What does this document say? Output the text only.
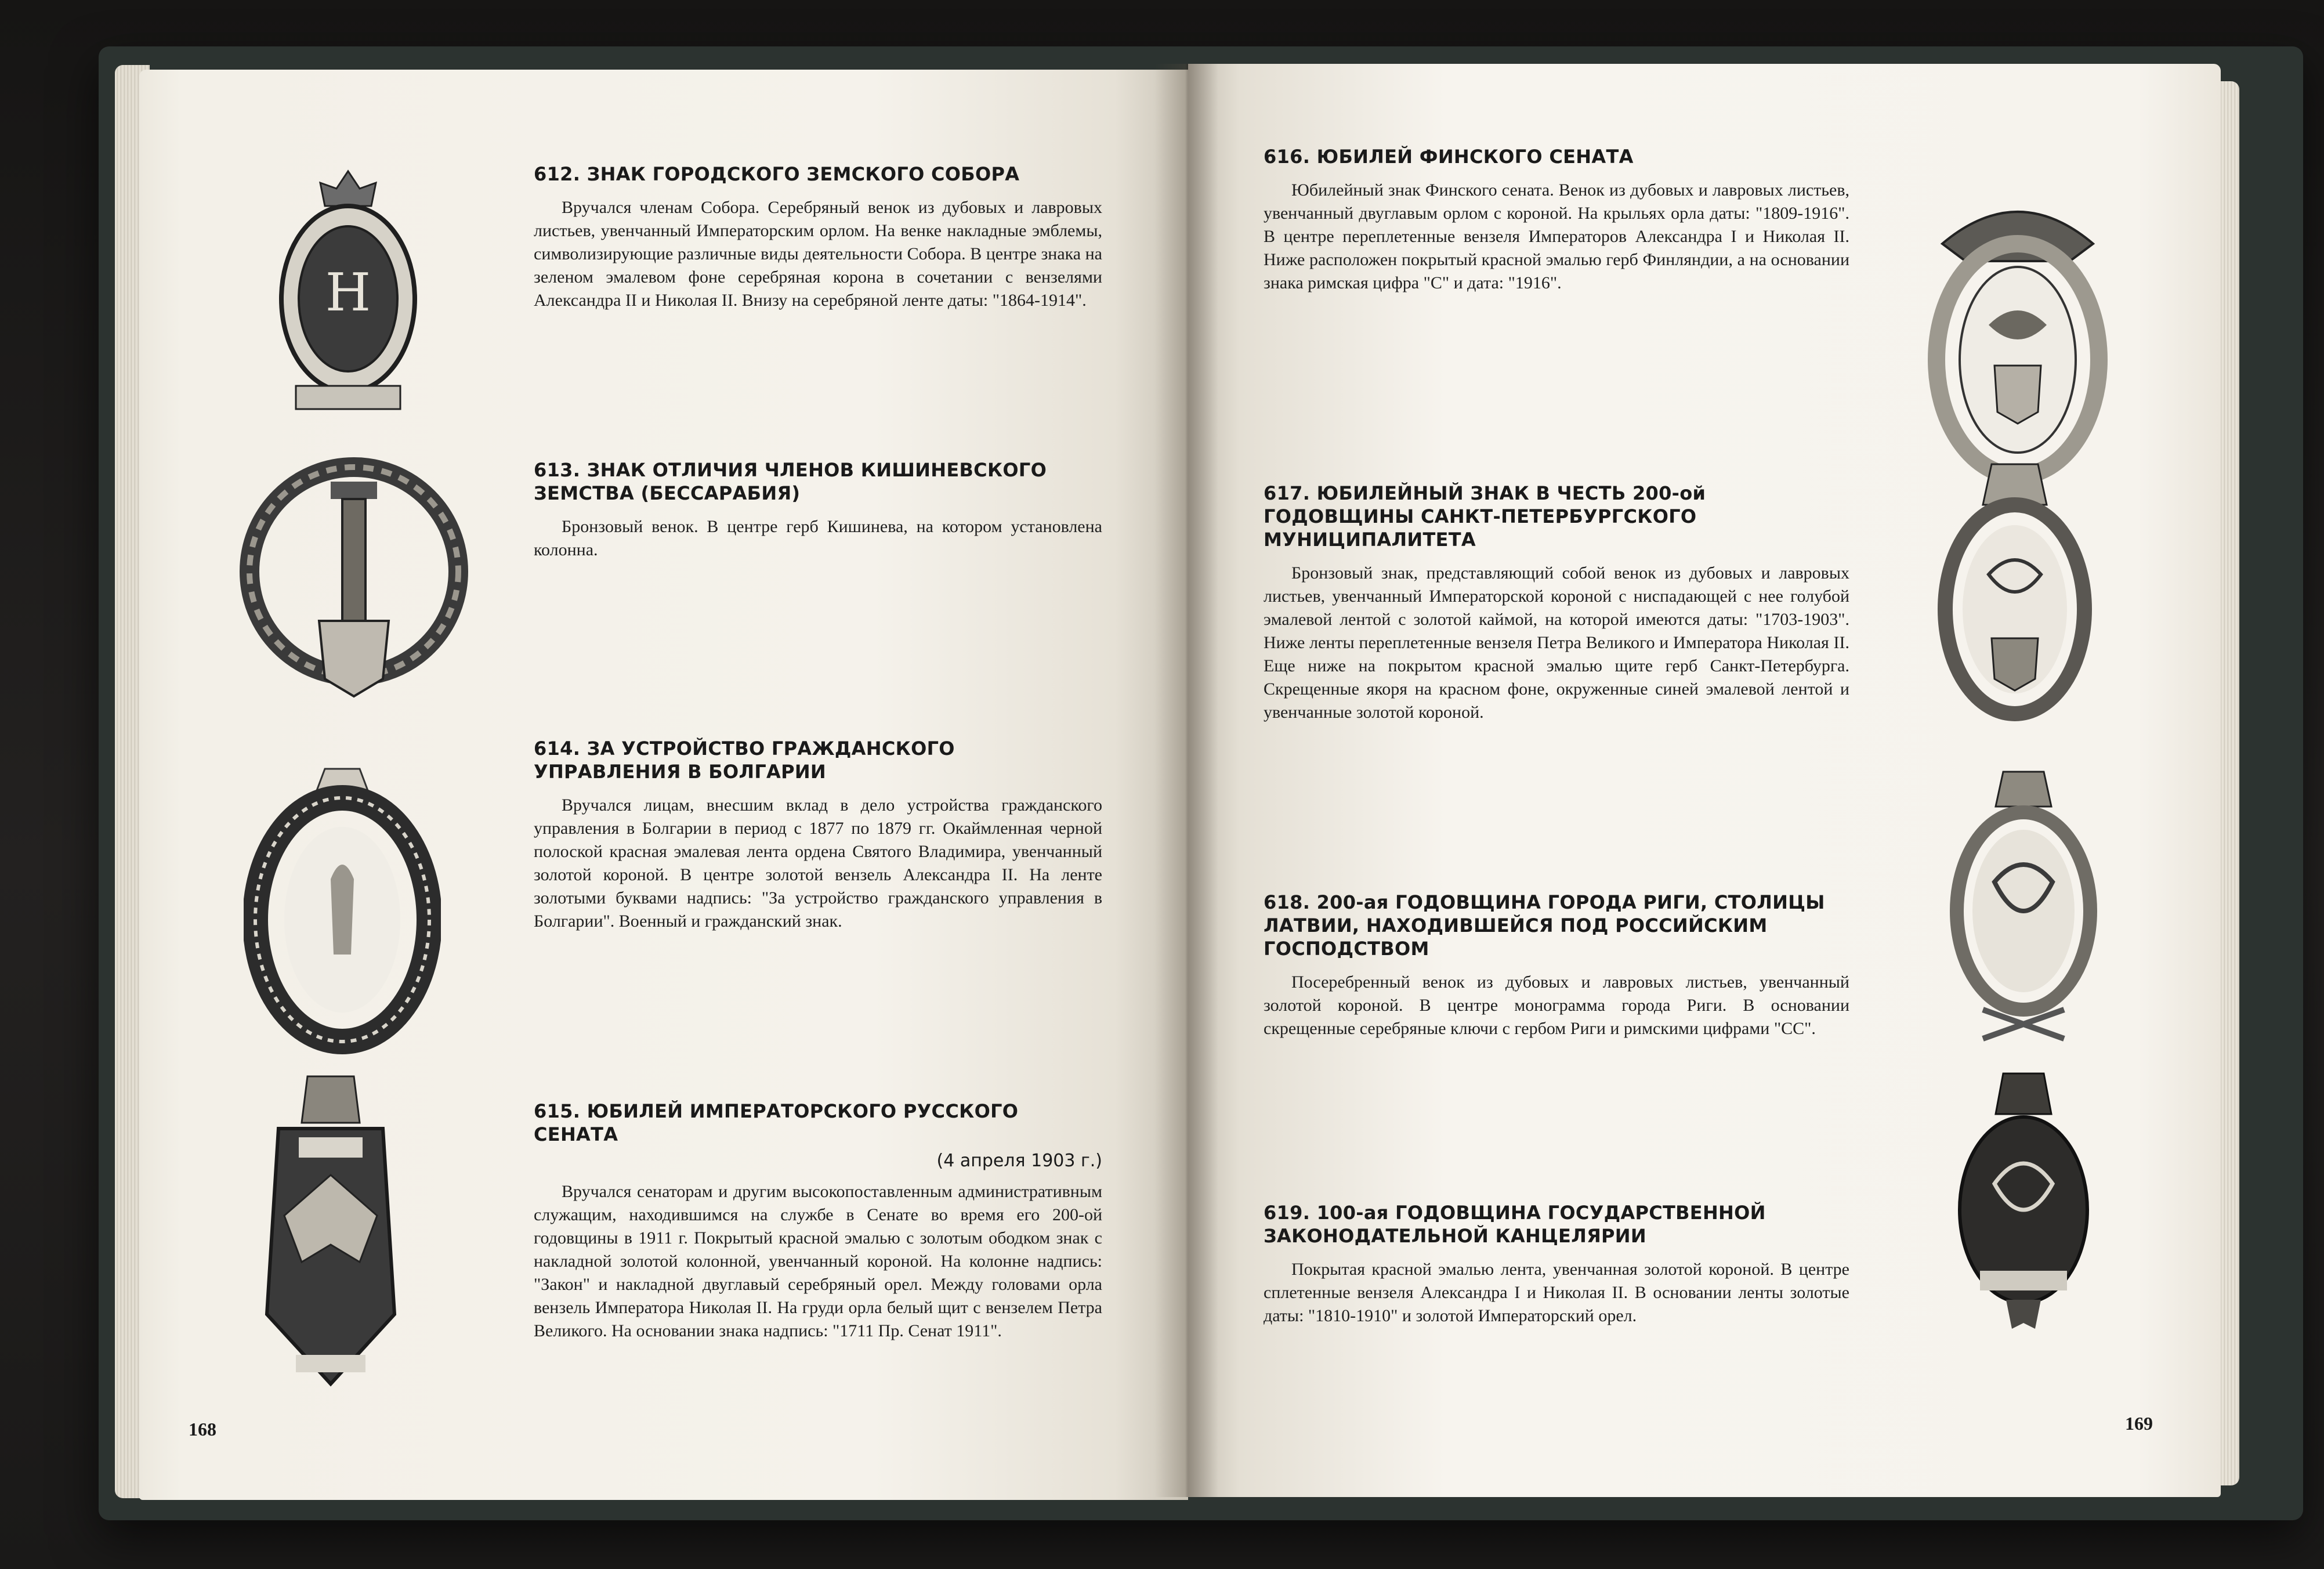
H

612. ЗНАК ГОРОДСКОГО ЗЕМСКОГО СОБОРА

Вручался членам Собора. Серебряный венок из дубовых и лавровых листьев, увенчанный Императорским орлом. На венке накладные эмблемы, символизирующие различные виды деятельности Собора. В центре знака на зеленом эмалевом фоне серебряная корона в сочетании с вензелями Александра II и Николая II. Внизу на серебряной ленте даты: "1864-1914".

613. ЗНАК ОТЛИЧИЯ ЧЛЕНОВ КИШИНЕВСКОГО ЗЕМСТВА (БЕССАРАБИЯ)

Бронзовый венок. В центре герб Кишинева, на котором установлена колонна.

614. ЗА УСТРОЙСТВО ГРАЖДАНСКОГО УПРАВЛЕНИЯ В БОЛГАРИИ

Вручался лицам, внесшим вклад в дело устройства гражданского управления в Болгарии в период с 1877 по 1879 гг. Окаймленная черной полоской красная эмалевая лента ордена Святого Владимира, увенчанный золотой короной. В центре золотой вензель Александра II. На ленте золотыми буквами надпись: "За устройство гражданского управления в Болгарии". Военный и гражданский знак.

615. ЮБИЛЕЙ ИМПЕРАТОРСКОГО РУССКОГО СЕНАТА

(4 апреля 1903 г.)

Вручался сенаторам и другим высокопоставленным административным служащим, находившимся на службе в Сенате во время его 200-ой годовщины в 1911 г. Покрытый красной эмалью с золотым ободком знак с накладной золотой колонной, увенчанный короной. На колонне надпись: "Закон" и накладной двуглавый серебряный орел. Между головами орла вензель Императора Николая II. На груди орла белый щит с вензелем Петра Великого. На основании знака надпись: "1711 Пр. Сенат 1911".

168

616. ЮБИЛЕЙ ФИНСКОГО СЕНАТА

Юбилейный знак Финского сената. Венок из дубовых и лавровых листьев, увенчанный двуглавым орлом с короной. На крыльях орла даты: "1809-1916". В центре переплетенные вензеля Императоров Александра I и Николая II. Ниже расположен покрытый красной эмалью герб Финляндии, а на основании знака римская цифра "С" и дата: "1916".

617. ЮБИЛЕЙНЫЙ ЗНАК В ЧЕСТЬ 200-ой ГОДОВЩИНЫ САНКТ-ПЕТЕРБУРГСКОГО МУНИЦИПАЛИТЕТА

Бронзовый знак, представляющий собой венок из дубовых и лавровых листьев, увенчанный Императорской короной с ниспадающей с нее голубой эмалевой лентой с золотой каймой, на которой имеются даты: "1703-1903". Ниже ленты переплетенные вензеля Петра Великого и Императора Николая II. Еще ниже на покрытом красной эмалью щите герб Санкт-Петербурга. Скрещенные якоря на красном фоне, окруженные синей эмалевой лентой и увенчанные золотой короной.

618. 200-ая ГОДОВЩИНА ГОРОДА РИГИ, СТОЛИЦЫ ЛАТВИИ, НАХОДИВШЕЙСЯ ПОД РОССИЙСКИМ ГОСПОДСТВОМ

Посеребренный венок из дубовых и лавровых листьев, увенчанный золотой короной. В центре монограмма города Риги. В основании скрещенные серебряные ключи с гербом Риги и римскими цифрами "СС".

619. 100-ая ГОДОВЩИНА ГОСУДАРСТВЕННОЙ ЗАКОНОДАТЕЛЬНОЙ КАНЦЕЛЯРИИ

Покрытая красной эмалью лента, увенчанная золотой короной. В центре сплетенные вензеля Александра I и Николая II. В основании ленты золотые даты: "1810-1910" и золотой Императорский орел.

169
